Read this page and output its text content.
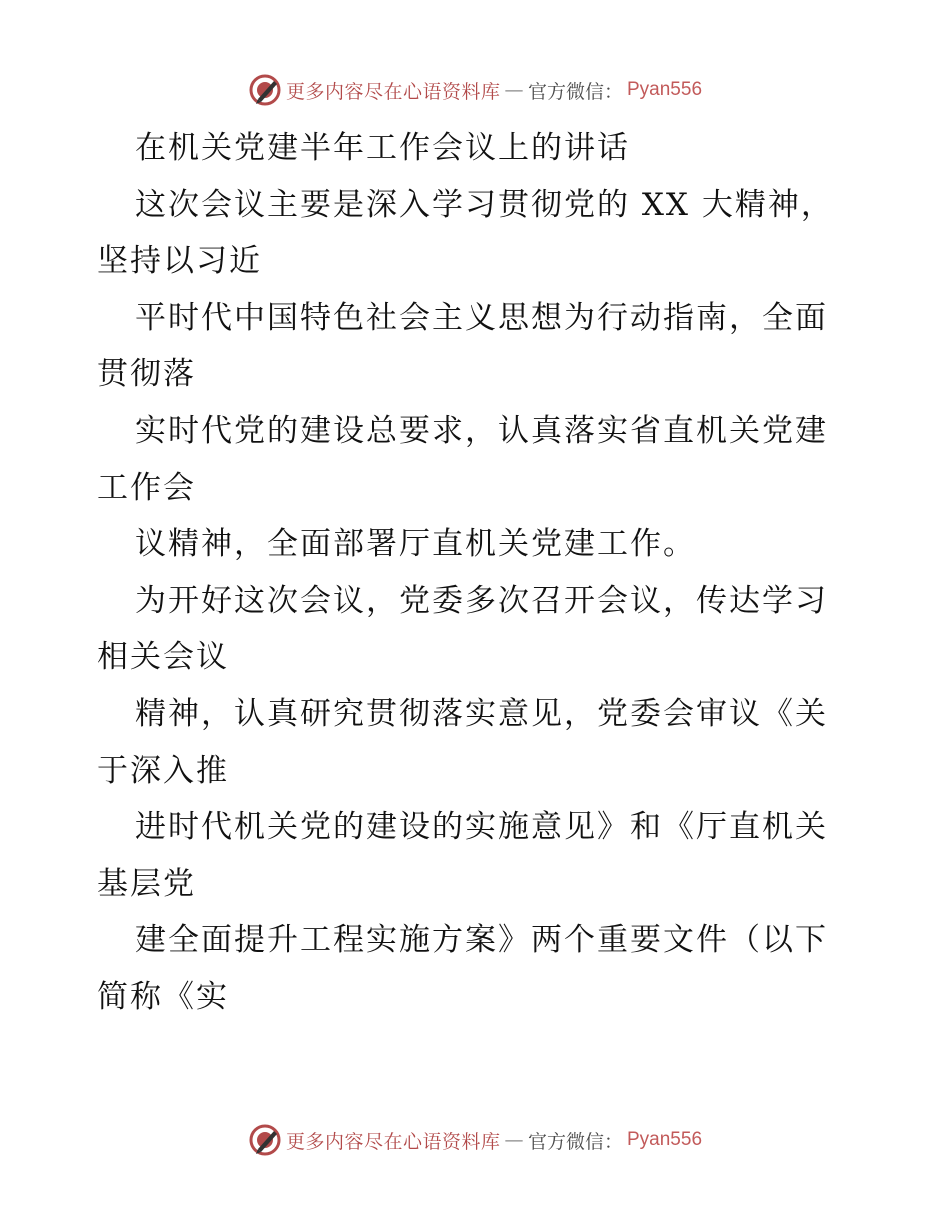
更多内容尽在心语资料库 — 官方微信： Pyan556
在机关党建半年工作会议上的讲话
这次会议主要是深入学习贯彻党的 XX 大精神，
坚持以习近
平时代中国特色社会主义思想为行动指南，全面
贯彻落
实时代党的建设总要求，认真落实省直机关党建
工作会
议精神，全面部署厅直机关党建工作。
为开好这次会议，党委多次召开会议，传达学习
相关会议
精神，认真研究贯彻落实意见，党委会审议《关
于深入推
进时代机关党的建设的实施意见》和《厅直机关
基层党
建全面提升工程实施方案》两个重要文件（以下
简称《实
更多内容尽在心语资料库 — 官方微信： Pyan556
